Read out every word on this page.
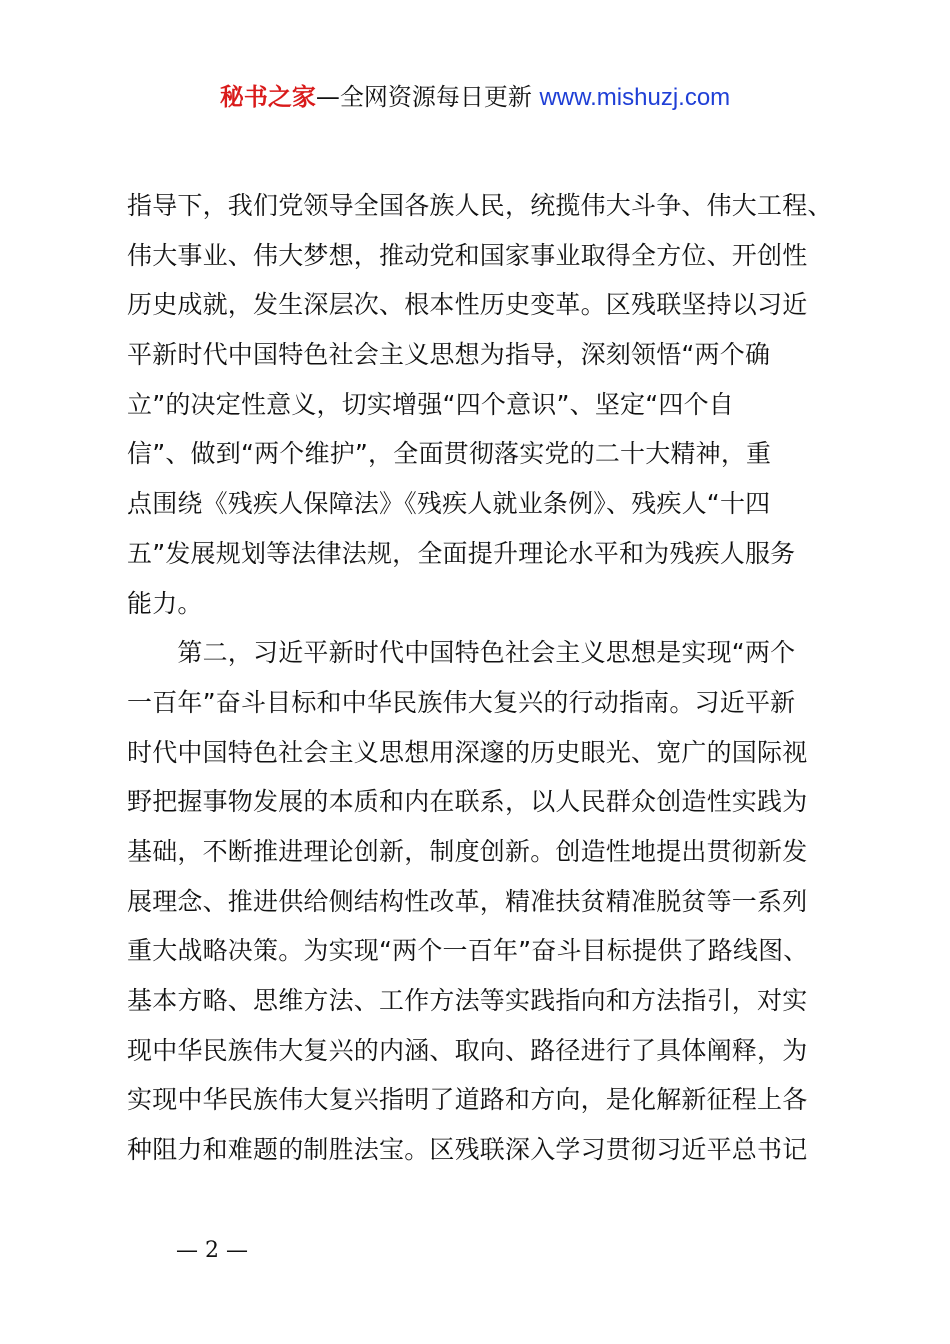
秘书之家—全网资源每日更新 www.mishuzj.com
指导下，我们党领导全国各族人民，统揽伟大斗争、伟大工程、
伟大事业、伟大梦想，推动党和国家事业取得全方位、开创性
历史成就，发生深层次、根本性历史变革。区残联坚持以习近
平新时代中国特色社会主义思想为指导，深刻领悟“两个确
立”的决定性意义，切实增强“四个意识”、坚定“四个自
信”、做到“两个维护”，全面贯彻落实党的二十大精神，重
点围绕《残疾人保障法》《残疾人就业条例》、残疾人“十四
五”发展规划等法律法规，全面提升理论水平和为残疾人服务
能力。
　　第二，习近平新时代中国特色社会主义思想是实现“两个
一百年”奋斗目标和中华民族伟大复兴的行动指南。习近平新
时代中国特色社会主义思想用深邃的历史眼光、宽广的国际视
野把握事物发展的本质和内在联系，以人民群众创造性实践为
基础，不断推进理论创新，制度创新。创造性地提出贯彻新发
展理念、推进供给侧结构性改革，精准扶贫精准脱贫等一系列
重大战略决策。为实现“两个一百年”奋斗目标提供了路线图、
基本方略、思维方法、工作方法等实践指向和方法指引，对实
现中华民族伟大复兴的内涵、取向、路径进行了具体阐释，为
实现中华民族伟大复兴指明了道路和方向，是化解新征程上各
种阻力和难题的制胜法宝。区残联深入学习贯彻习近平总书记
— 2 —
